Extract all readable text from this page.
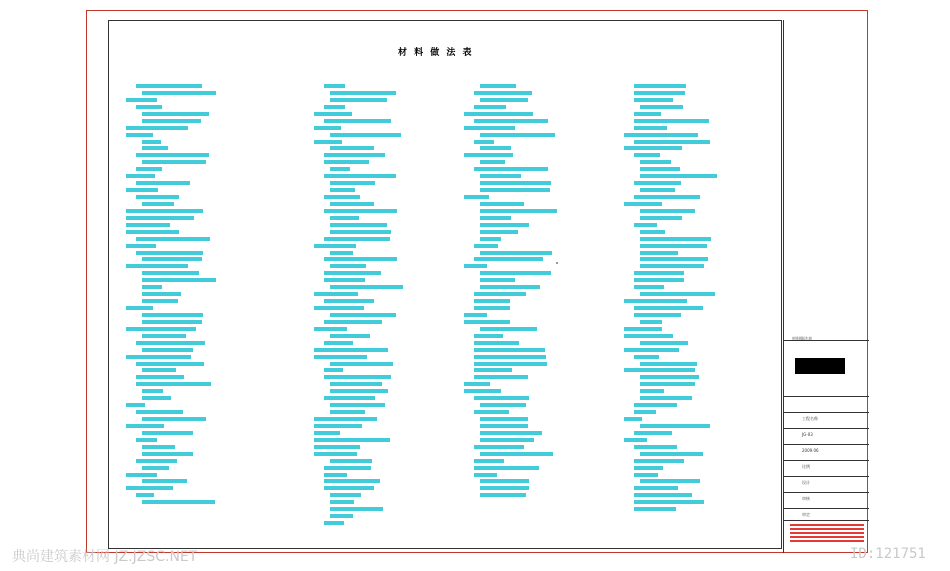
材 料 做 法 表
材料做法表
工程名称
JG-03
2009.06
比例
设计
审核
审定
典尚建筑素材网 JZ.JZSC.NET	ID:121751
